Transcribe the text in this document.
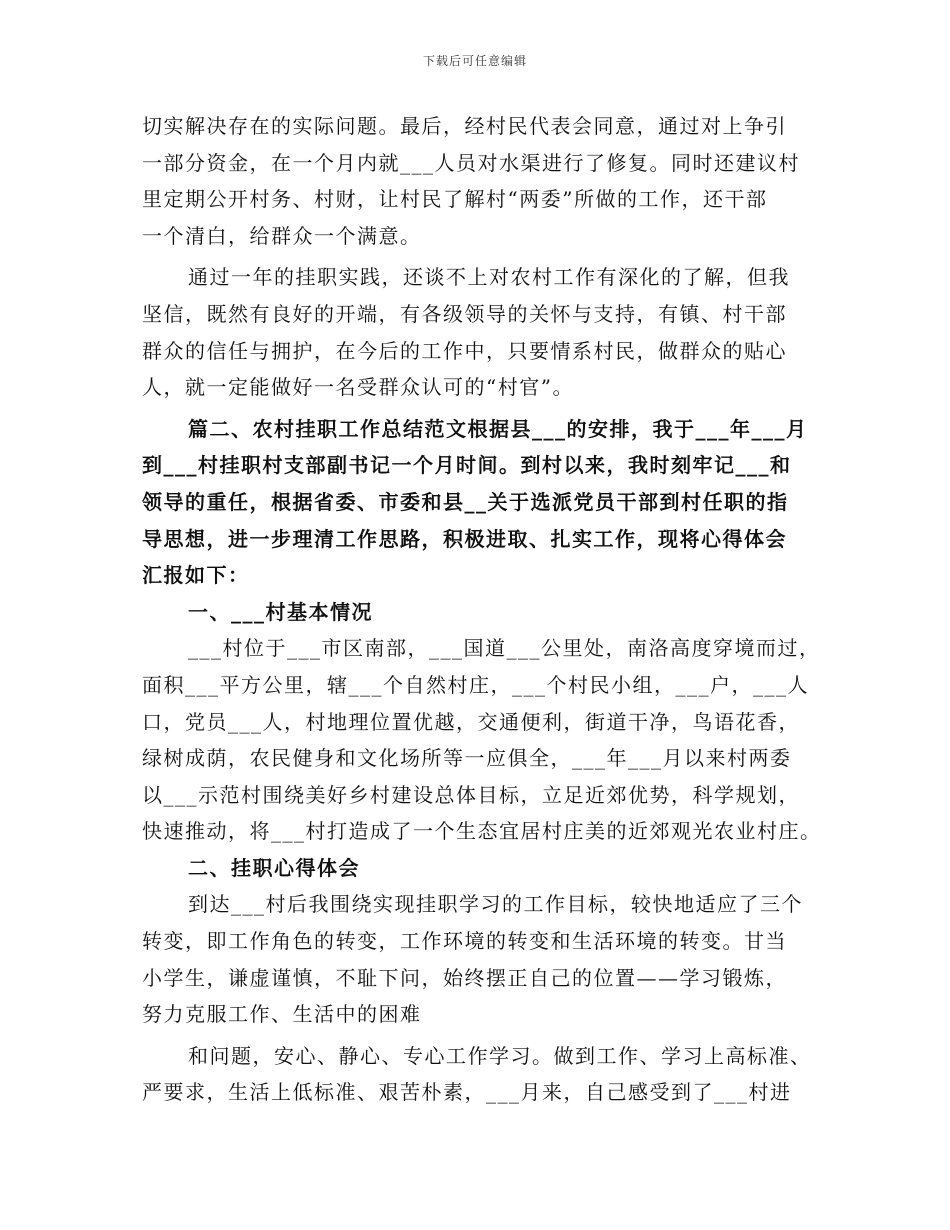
下载后可任意编辑
切实解决存在的实际问题。最后，经村民代表会同意，通过对上争引
一部分资金，在一个月内就___人员对水渠进行了修复。同时还建议村
里定期公开村务、村财，让村民了解村“两委”所做的工作，还干部
一个清白，给群众一个满意。
通过一年的挂职实践，还谈不上对农村工作有深化的了解，但我
坚信，既然有良好的开端，有各级领导的关怀与支持，有镇、村干部
群众的信任与拥护，在今后的工作中，只要情系村民，做群众的贴心
人，就一定能做好一名受群众认可的“村官”。
篇二、农村挂职工作总结范文根据县___的安排，我于___年___月
到___村挂职村支部副书记一个月时间。到村以来，我时刻牢记___和
领导的重任，根据省委、市委和县__关于选派党员干部到村任职的指
导思想，进一步理清工作思路，积极进取、扎实工作，现将心得体会
汇报如下：
一、___村基本情况
___村位于___市区南部，___国道___公里处，南洛高度穿境而过，
面积___平方公里，辖___个自然村庄，___个村民小组，___户，___人
口，党员___人，村地理位置优越，交通便利，街道干净，鸟语花香，
绿树成荫，农民健身和文化场所等一应俱全，___年___月以来村两委
以___示范村围绕美好乡村建设总体目标，立足近郊优势，科学规划，
快速推动，将___村打造成了一个生态宜居村庄美的近郊观光农业村庄。
二、挂职心得体会
到达___村后我围绕实现挂职学习的工作目标，较快地适应了三个
转变，即工作角色的转变，工作环境的转变和生活环境的转变。甘当
小学生，谦虚谨慎，不耻下问，始终摆正自己的位置——学习锻炼，
努力克服工作、生活中的困难
和问题，安心、静心、专心工作学习。做到工作、学习上高标准、
严要求，生活上低标准、艰苦朴素，___月来，自己感受到了___村进
